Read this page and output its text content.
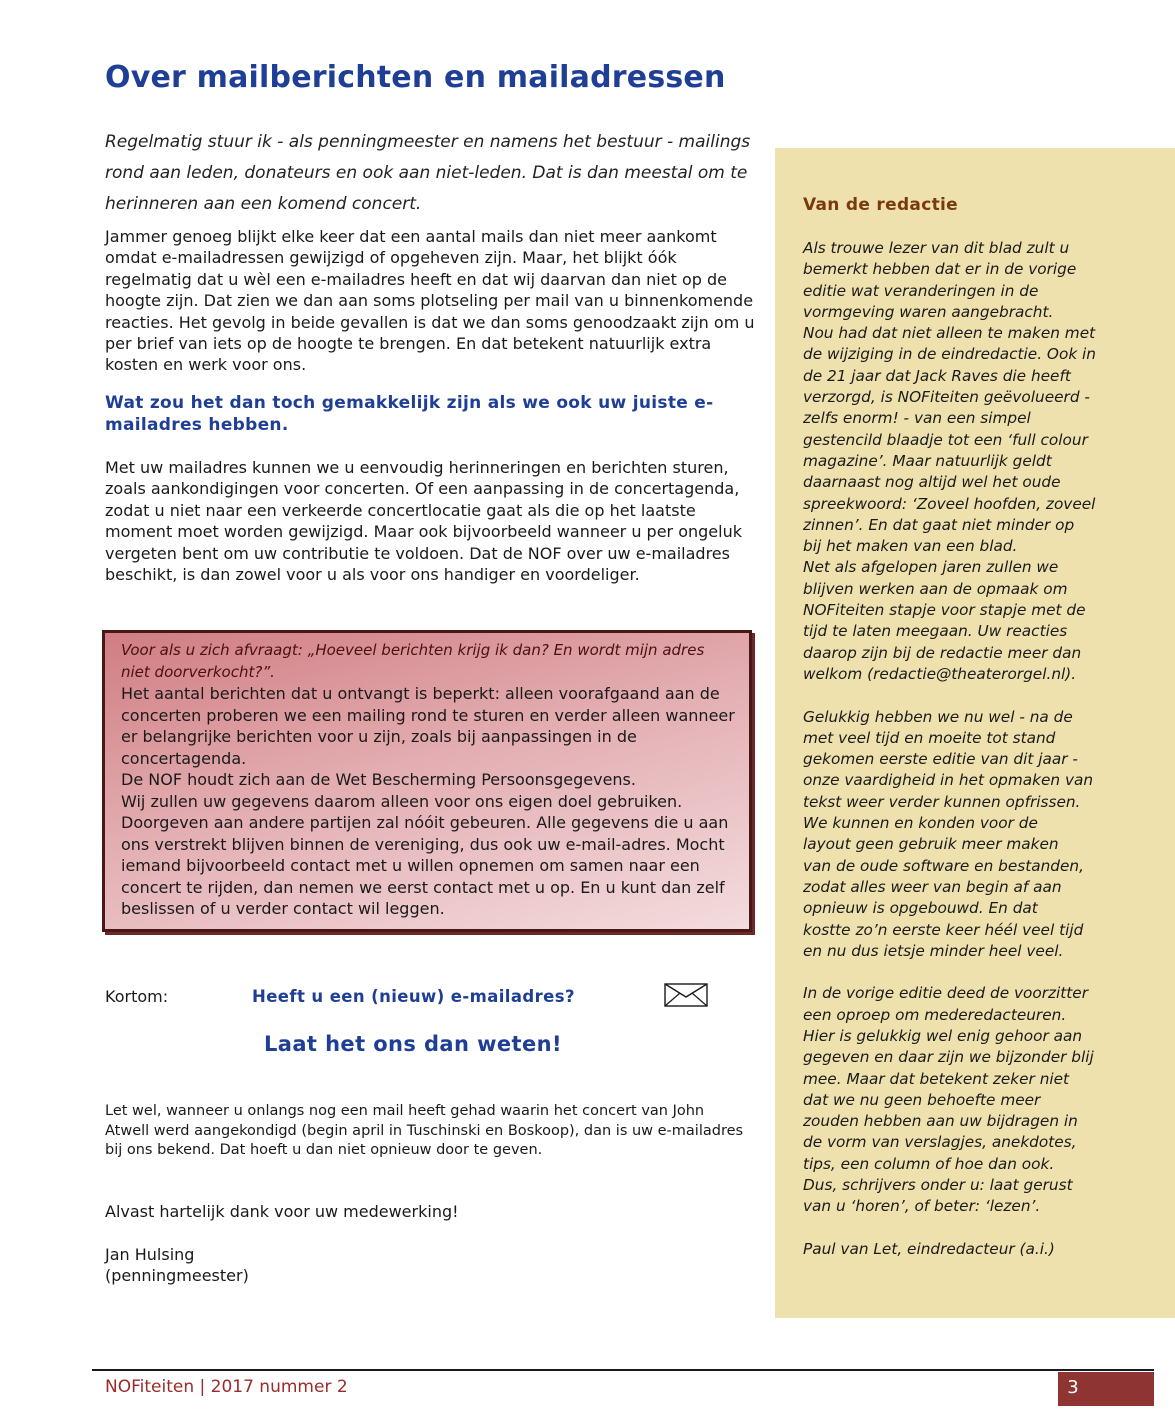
Over mailberichten en mailadressen
Regelmatig stuur ik - als penningmeester en namens het bestuur - mailings rond aan leden, donateurs en ook aan niet-leden. Dat is dan meestal om te herinneren aan een komend concert.
Jammer genoeg blijkt elke keer dat een aantal mails dan niet meer aankomt omdat e-mailadressen gewijzigd of opgeheven zijn. Maar, het blijkt óók regelmatig dat u wèl een e-mailadres heeft en dat wij daarvan dan niet op de hoogte zijn. Dat zien we dan aan soms plotseling per mail van u binnenkomende reacties. Het gevolg in beide gevallen is dat we dan soms genoodzaakt zijn om u per brief van iets op de hoogte te brengen. En dat betekent natuurlijk extra kosten en werk voor ons.
Wat zou het dan toch gemakkelijk zijn als we ook uw juiste e-mailadres hebben.
Met uw mailadres kunnen we u eenvoudig herinneringen en berichten sturen, zoals aankondigingen voor concerten. Of een aanpassing in de concertagenda, zodat u niet naar een verkeerde concertlocatie gaat als die op het laatste moment moet worden gewijzigd. Maar ook bijvoorbeeld wanneer u per ongeluk vergeten bent om uw contributie te voldoen. Dat de NOF over uw e-mailadres beschikt, is dan zowel voor u als voor ons handiger en voordeliger.
Voor als u zich afvraagt: „Hoeveel berichten krijg ik dan? En wordt mijn adres niet doorverkocht?”.
Het aantal berichten dat u ontvangt is beperkt: alleen voorafgaand aan de concerten proberen we een mailing rond te sturen en verder alleen wanneer er belangrijke berichten voor u zijn, zoals bij aanpassingen in de concertagenda.
De NOF houdt zich aan de Wet Bescherming Persoonsgegevens.
Wij zullen uw gegevens daarom alleen voor ons eigen doel gebruiken. Doorgeven aan andere partijen zal nóóit gebeuren. Alle gegevens die u aan ons verstrekt blijven binnen de vereniging, dus ook uw e-mail-adres. Mocht iemand bijvoorbeeld contact met u willen opnemen om samen naar een concert te rijden, dan nemen we eerst contact met u op. En u kunt dan zelf beslissen of u verder contact wil leggen.
Kortom:	Heeft u een (nieuw) e-mailadres?
Laat het ons dan weten!
Let wel, wanneer u onlangs nog een mail heeft gehad waarin het concert van John Atwell werd aangekondigd (begin april in Tuschinski en Boskoop), dan is uw e-mailadres bij ons bekend. Dat hoeft u dan niet opnieuw door te geven.
Alvast hartelijk dank voor uw medewerking!
Jan Hulsing
(penningmeester)
Van de redactie
Als trouwe lezer van dit blad zult u
bemerkt hebben dat er in de vorige
editie wat veranderingen in de
vormgeving waren aangebracht.
Nou had dat niet alleen te maken met
de wijziging in de eindredactie. Ook in
de 21 jaar dat Jack Raves die heeft
verzorgd, is NOFiteiten geëvolueerd -
zelfs enorm! - van een simpel
gestencild blaadje tot een ‘full colour
magazine’. Maar natuurlijk geldt
daarnaast nog altijd wel het oude
spreekwoord: ‘Zoveel hoofden, zoveel
zinnen’. En dat gaat niet minder op
bij het maken van een blad.
Net als afgelopen jaren zullen we
blijven werken aan de opmaak om
NOFiteiten stapje voor stapje met de
tijd te laten meegaan. Uw reacties
daarop zijn bij de redactie meer dan
welkom (redactie@theaterorgel.nl).
Gelukkig hebben we nu wel - na de
met veel tijd en moeite tot stand
gekomen eerste editie van dit jaar -
onze vaardigheid in het opmaken van
tekst weer verder kunnen opfrissen.
We kunnen en konden voor de
layout geen gebruik meer maken
van de oude software en bestanden,
zodat alles weer van begin af aan
opnieuw is opgebouwd. En dat
kostte zo’n eerste keer héél veel tijd
en nu dus ietsje minder heel veel.
In de vorige editie deed de voorzitter
een oproep om mederedacteuren.
Hier is gelukkig wel enig gehoor aan
gegeven en daar zijn we bijzonder blij
mee. Maar dat betekent zeker niet
dat we nu geen behoefte meer
zouden hebben aan uw bijdragen in
de vorm van verslagjes, anekdotes,
tips, een column of hoe dan ook.
Dus, schrijvers onder u: laat gerust
van u ‘horen’, of beter: ‘lezen’.
Paul van Let, eindredacteur (a.i.)
NOFiteiten | 2017 nummer 2	3
